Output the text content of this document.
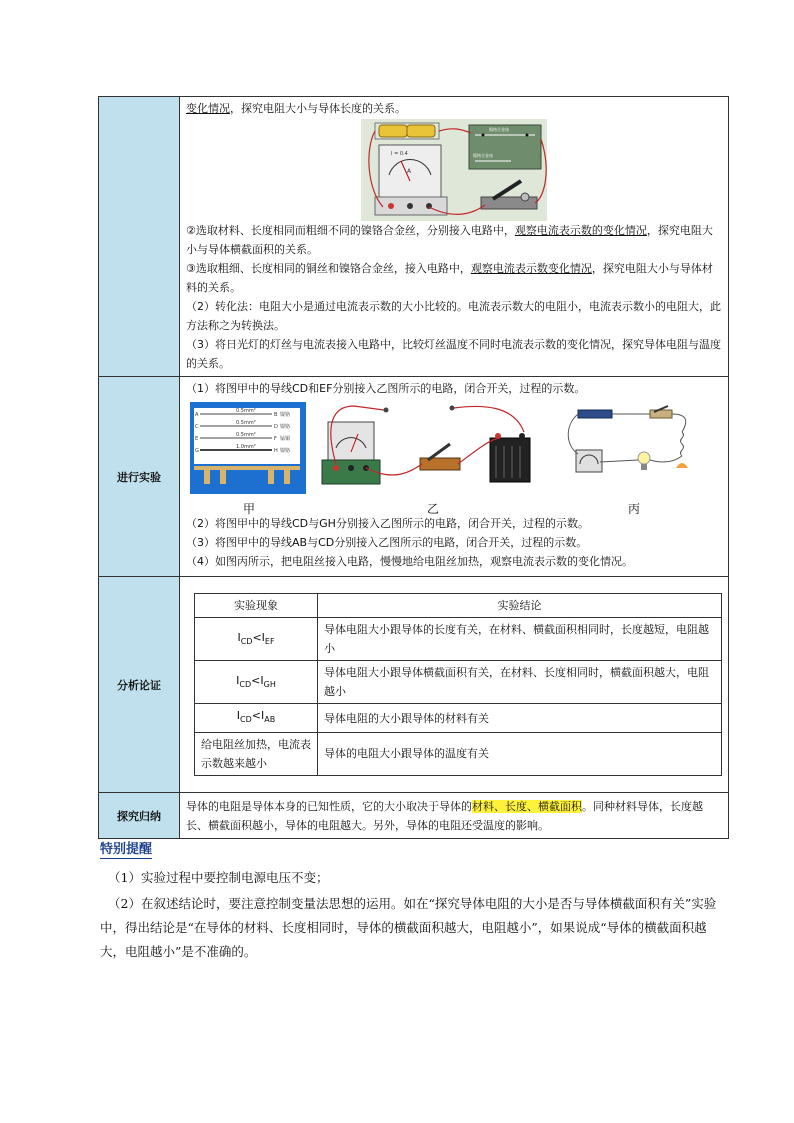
变化情况，探究电阻大小与导体长度的关系。

镍铬合金丝
镍铬合金丝
I = 0.4
A

②选取材料、长度相同而粗细不同的镍铬合金丝，分别接入电路中，观察电流表示数的变化情况，探究电阻大小与导体横截面积的关系。

③选取粗细、长度相同的铜丝和镍铬合金丝，接入电路中，观察电流表示数变化情况，探究电阻大小与导体材料的关系。

（2）转化法：电阻大小是通过电流表示数的大小比较的。电流表示数大的电阻小，电流表示数小的电阻大，此方法称之为转换法。

（3）将日光灯的灯丝与电流表接入电路中，比较灯丝温度不同时电流表示数的变化情况，探究导体电阻与温度的关系。

进行实验	

（1）将图甲中的导线CD和EF分别接入乙图所示的电路，闭合开关，过程的示数。

A	B
0.5mm²
镍铬
C	D
0.5mm²
镍铬
E	F
0.5mm²
锰铜
G	H
1.0mm²
镍铬
甲	乙	丙

（2）将图甲中的导线CD与GH分别接入乙图所示的电路，闭合开关，过程的示数。

（3）将图甲中的导线AB与CD分别接入乙图所示的电路，闭合开关，过程的示数。

（4）如图丙所示，把电阻丝接入电路，慢慢地给电阻丝加热，观察电流表示数的变化情况。

分析论证	
实验现象	实验结论
$I_{CD}<I_{EF}$	导体电阻大小跟导体的长度有关，在材料、横截面积相同时，长度越短，电阻越小
$I_{CD}<I_{GH}$	导体电阻大小跟导体横截面积有关，在材料、长度相同时，横截面积越大，电阻越小
$I_{CD}<I_{AB}$	导体电阻的大小跟导体的材料有关
给电阻丝加热，电流表示数越来越小	导体的电阻大小跟导体的温度有关

探究归纳	导体的电阻是导体本身的已知性质，它的大小取决于导体的材料、长度、横截面积。同种材料导体，长度越长、横截面积越小，导体的电阻越大。另外，导体的电阻还受温度的影响。
特别提醒
（1）实验过程中要控制电源电压不变；
（2）在叙述结论时，要注意控制变量法思想的运用。如在“探究导体电阻的大小是否与导体横截面积有关”实验中，得出结论是“在导体的材料、长度相同时，导体的横截面积越大，电阻越小”，如果说成“导体的横截面积越大，电阻越小”是不准确的。
